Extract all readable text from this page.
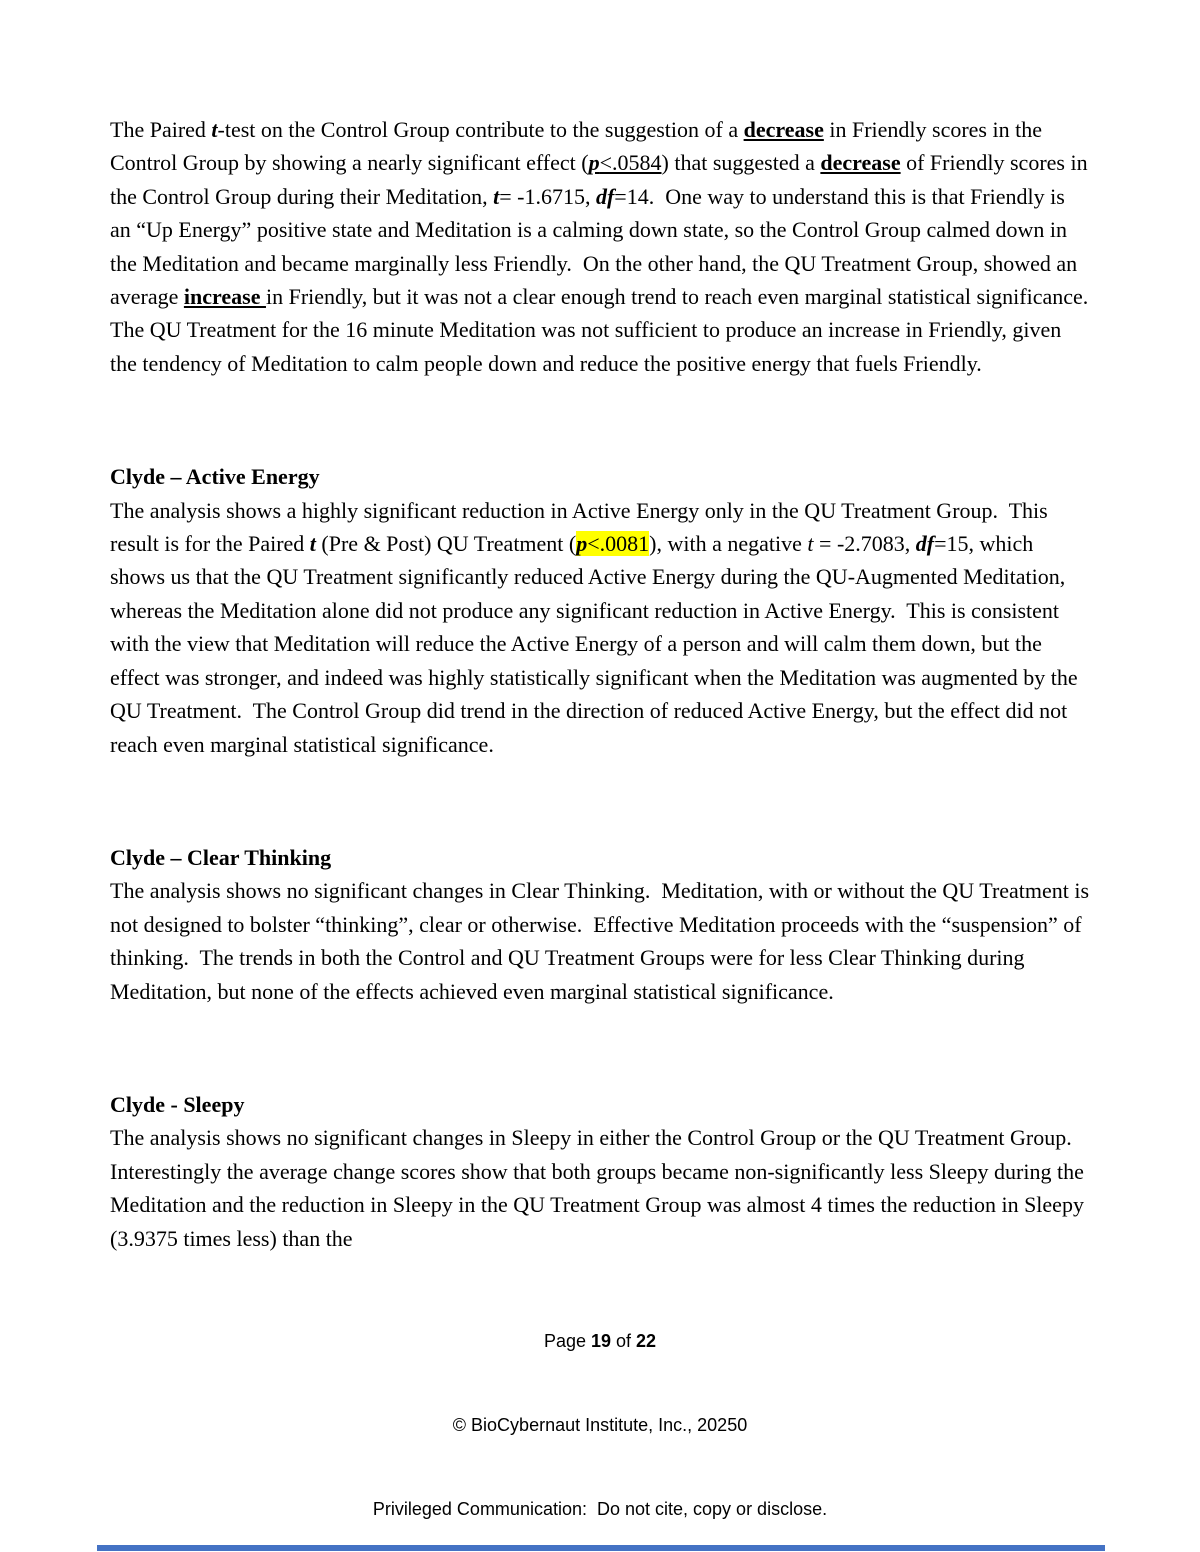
The Paired t-test on the Control Group contribute to the suggestion of a decrease in Friendly scores in the Control Group by showing a nearly significant effect (p<.0584) that suggested a decrease of Friendly scores in the Control Group during their Meditation, t= -1.6715, df=14.  One way to understand this is that Friendly is an “Up Energy” positive state and Meditation is a calming down state, so the Control Group calmed down in the Meditation and became marginally less Friendly.  On the other hand, the QU Treatment Group, showed an average increase in Friendly, but it was not a clear enough trend to reach even marginal statistical significance.  The QU Treatment for the 16 minute Meditation was not sufficient to produce an increase in Friendly, given the tendency of Meditation to calm people down and reduce the positive energy that fuels Friendly.

Clyde – Active Energy

The analysis shows a highly significant reduction in Active Energy only in the QU Treatment Group.  This result is for the Paired t (Pre & Post) QU Treatment (p<.0081), with a negative t = -2.7083, df=15, which shows us that the QU Treatment significantly reduced Active Energy during the QU-Augmented Meditation, whereas the Meditation alone did not produce any significant reduction in Active Energy.  This is consistent with the view that Meditation will reduce the Active Energy of a person and will calm them down, but the effect was stronger, and indeed was highly statistically significant when the Meditation was augmented by the QU Treatment.  The Control Group did trend in the direction of reduced Active Energy, but the effect did not reach even marginal statistical significance.

Clyde – Clear Thinking

The analysis shows no significant changes in Clear Thinking.  Meditation, with or without the QU Treatment is not designed to bolster “thinking”, clear or otherwise.  Effective Meditation proceeds with the “suspension” of thinking.  The trends in both the Control and QU Treatment Groups were for less Clear Thinking during Meditation, but none of the effects achieved even marginal statistical significance.

Clyde - Sleepy

The analysis shows no significant changes in Sleepy in either the Control Group or the QU Treatment Group.  Interestingly the average change scores show that both groups became non-significantly less Sleepy during the Meditation and the reduction in Sleepy in the QU Treatment Group was almost 4 times the reduction in Sleepy (3.9375 times less) than the

Page 19 of 22

© BioCybernaut Institute, Inc., 20250

Privileged Communication:  Do not cite, copy or disclose.
